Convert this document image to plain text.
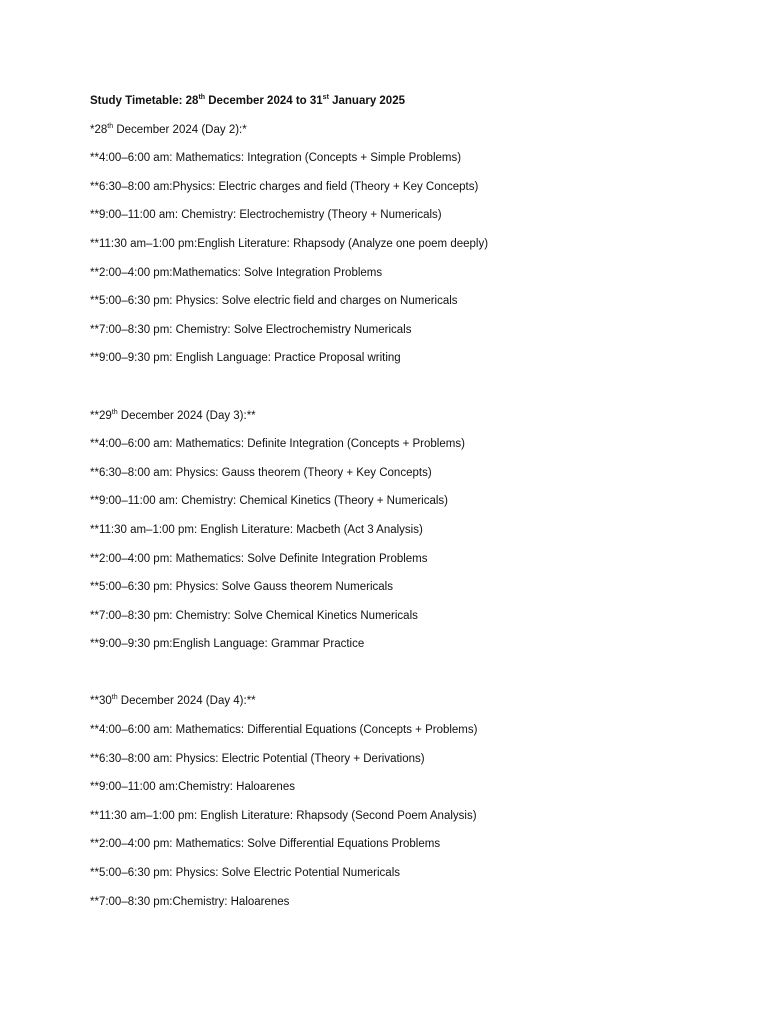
Study Timetable: 28th December 2024 to 31st January 2025
*28th December 2024 (Day 2):*
**4:00–6:00 am: Mathematics: Integration (Concepts + Simple Problems)
**6:30–8:00 am:Physics: Electric charges and field (Theory + Key Concepts)
**9:00–11:00 am: Chemistry: Electrochemistry (Theory + Numericals)
**11:30 am–1:00 pm:English Literature: Rhapsody (Analyze one poem deeply)
**2:00–4:00 pm:Mathematics: Solve Integration Problems
**5:00–6:30 pm: Physics: Solve electric field and charges on Numericals
**7:00–8:30 pm: Chemistry: Solve Electrochemistry Numericals
**9:00–9:30 pm: English Language: Practice Proposal writing
**29th December 2024 (Day 3):**
**4:00–6:00 am: Mathematics: Definite Integration (Concepts + Problems)
**6:30–8:00 am: Physics: Gauss theorem (Theory + Key Concepts)
**9:00–11:00 am: Chemistry: Chemical Kinetics (Theory + Numericals)
**11:30 am–1:00 pm: English Literature: Macbeth (Act 3 Analysis)
**2:00–4:00 pm: Mathematics: Solve Definite Integration Problems
**5:00–6:30 pm: Physics: Solve Gauss theorem Numericals
**7:00–8:30 pm: Chemistry: Solve Chemical Kinetics Numericals
**9:00–9:30 pm:English Language: Grammar Practice
**30th December 2024 (Day 4):**
**4:00–6:00 am: Mathematics: Differential Equations (Concepts + Problems)
**6:30–8:00 am: Physics: Electric Potential (Theory + Derivations)
**9:00–11:00 am:Chemistry: Haloarenes
**11:30 am–1:00 pm: English Literature: Rhapsody (Second Poem Analysis)
**2:00–4:00 pm: Mathematics: Solve Differential Equations Problems
**5:00–6:30 pm: Physics: Solve Electric Potential Numericals
**7:00–8:30 pm:Chemistry: Haloarenes
